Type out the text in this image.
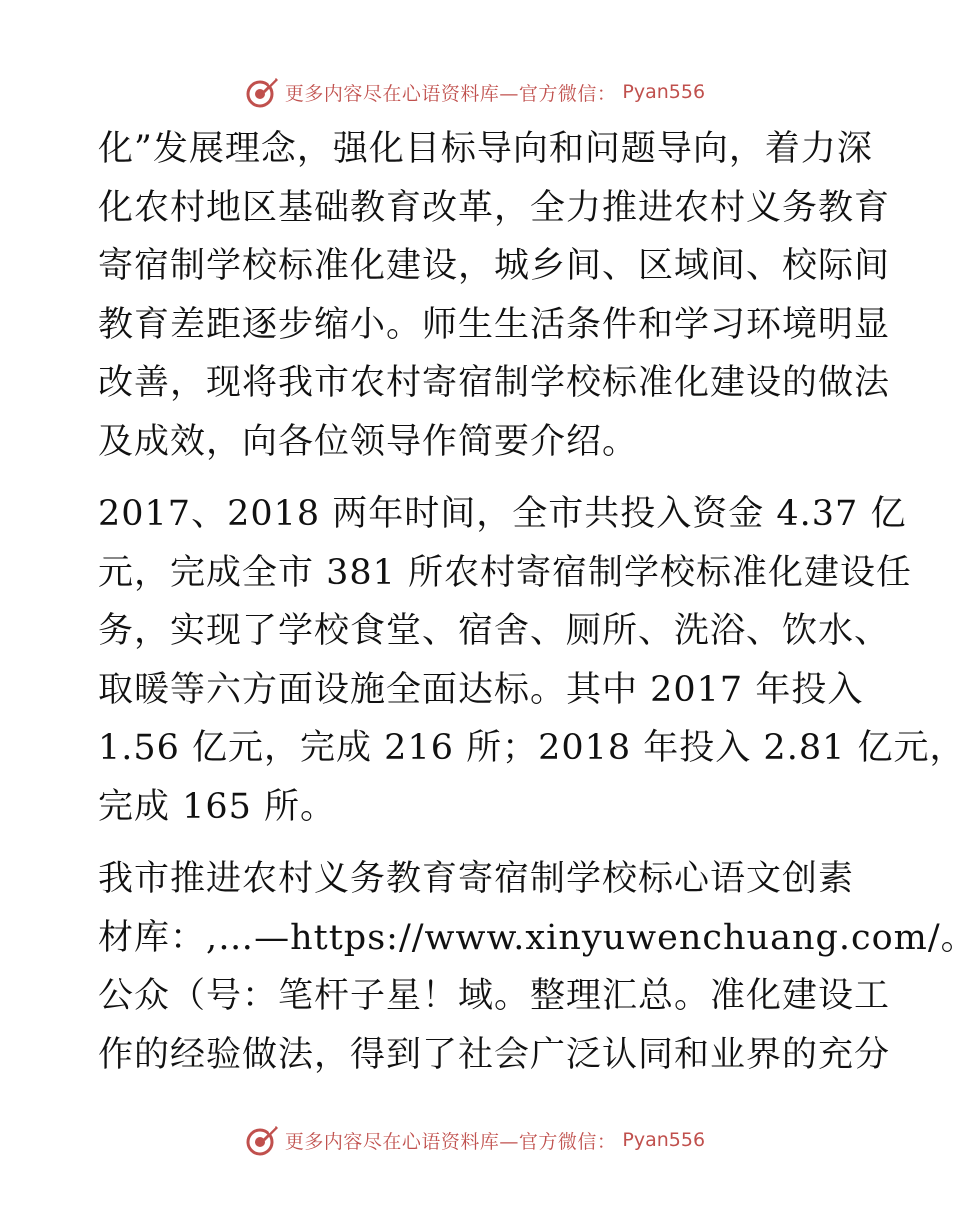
更多内容尽在心语资料库—官方微信： Pyan556
化”发展理念，强化目标导向和问题导向，着力深
化农村地区基础教育改革，全力推进农村义务教育
寄宿制学校标准化建设，城乡间、区域间、校际间
教育差距逐步缩小。师生生活条件和学习环境明显
改善，现将我市农村寄宿制学校标准化建设的做法
及成效，向各位领导作简要介绍。
2017、2018 两年时间，全市共投入资金 4.37 亿
元，完成全市 381 所农村寄宿制学校标准化建设任
务，实现了学校食堂、宿舍、厕所、洗浴、饮水、
取暖等六方面设施全面达标。其中 2017 年投入
1.56 亿元，完成 216 所；2018 年投入 2.81 亿元，
完成 165 所。
我市推进农村义务教育寄宿制学校标心语文创素
材库：,…—https://www.xinyuwenchuang.com/。
公众（号：笔杆子星！域。整理汇总。准化建设工
作的经验做法，得到了社会广泛认同和业界的充分
更多内容尽在心语资料库—官方微信： Pyan556
